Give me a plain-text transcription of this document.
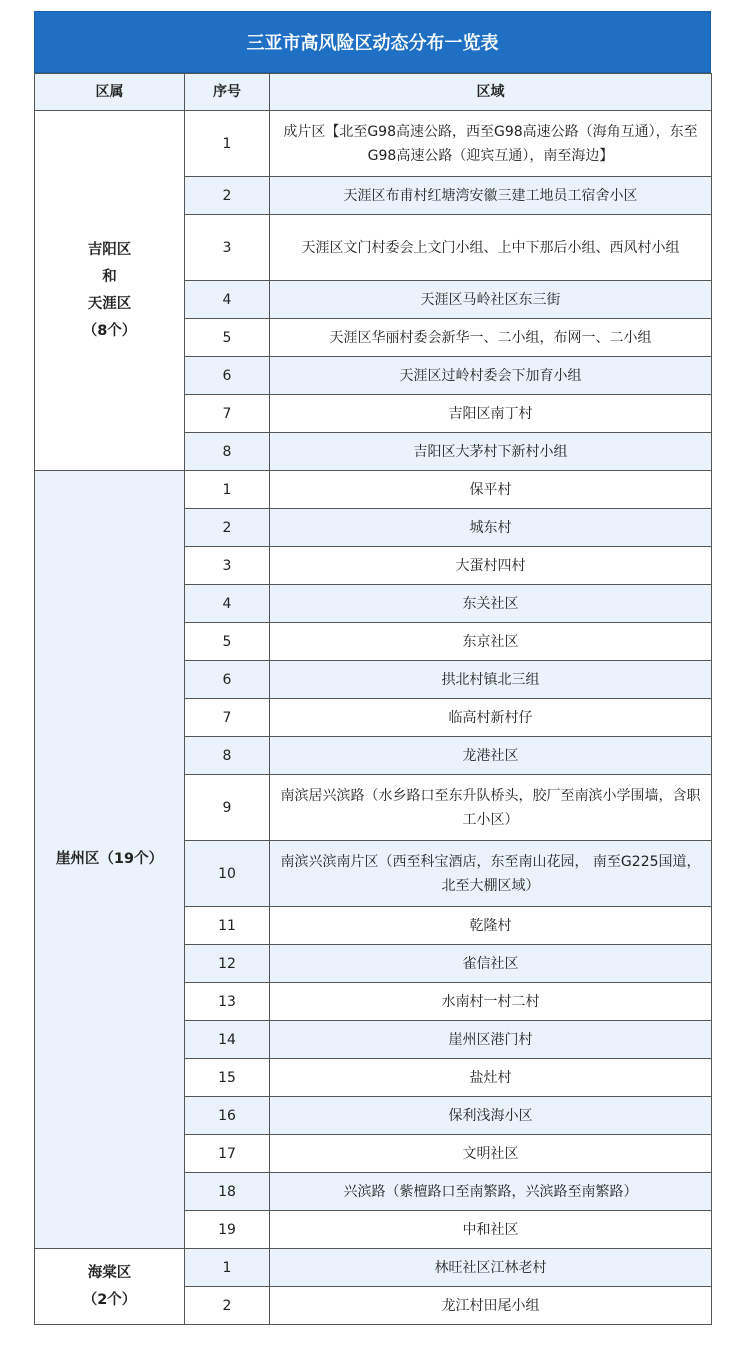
三亚市高风险区动态分布一览表
区属	序号	区域

吉阳区
和
天涯区
（8个）	1	成片区【北至G98高速公路，西至G98高速公路（海角互通），东至G98高速公路（迎宾互通），南至海边】
	2	天涯区布甫村红塘湾安徽三建工地员工宿舍小区
	3	天涯区文门村委会上文门小组、上中下那后小组、西风村小组
	4	天涯区马岭社区东三街
	5	天涯区华丽村委会新华一、二小组，布网一、二小组
	6	天涯区过岭村委会下加育小组
	7	吉阳区南丁村
	8	吉阳区大茅村下新村小组

崖州区（19个）	1	保平村
	2	城东村
	3	大蛋村四村
	4	东关社区
	5	东京社区
	6	拱北村镇北三组
	7	临高村新村仔
	8	龙港社区
	9	南滨居兴滨路（水乡路口至东升队桥头，胶厂至南滨小学围墙，含职工小区）
	10	南滨兴滨南片区（西至科宝酒店，东至南山花园， 南至G225国道，北至大棚区域）
	11	乾隆村
	12	雀信社区
	13	水南村一村二村
	14	崖州区港门村
	15	盐灶村
	16	保利浅海小区
	17	文明社区
	18	兴滨路（紫檀路口至南繁路，兴滨路至南繁路）
	19	中和社区

海棠区
（2个）	1	林旺社区江林老村
	2	龙江村田尾小组
